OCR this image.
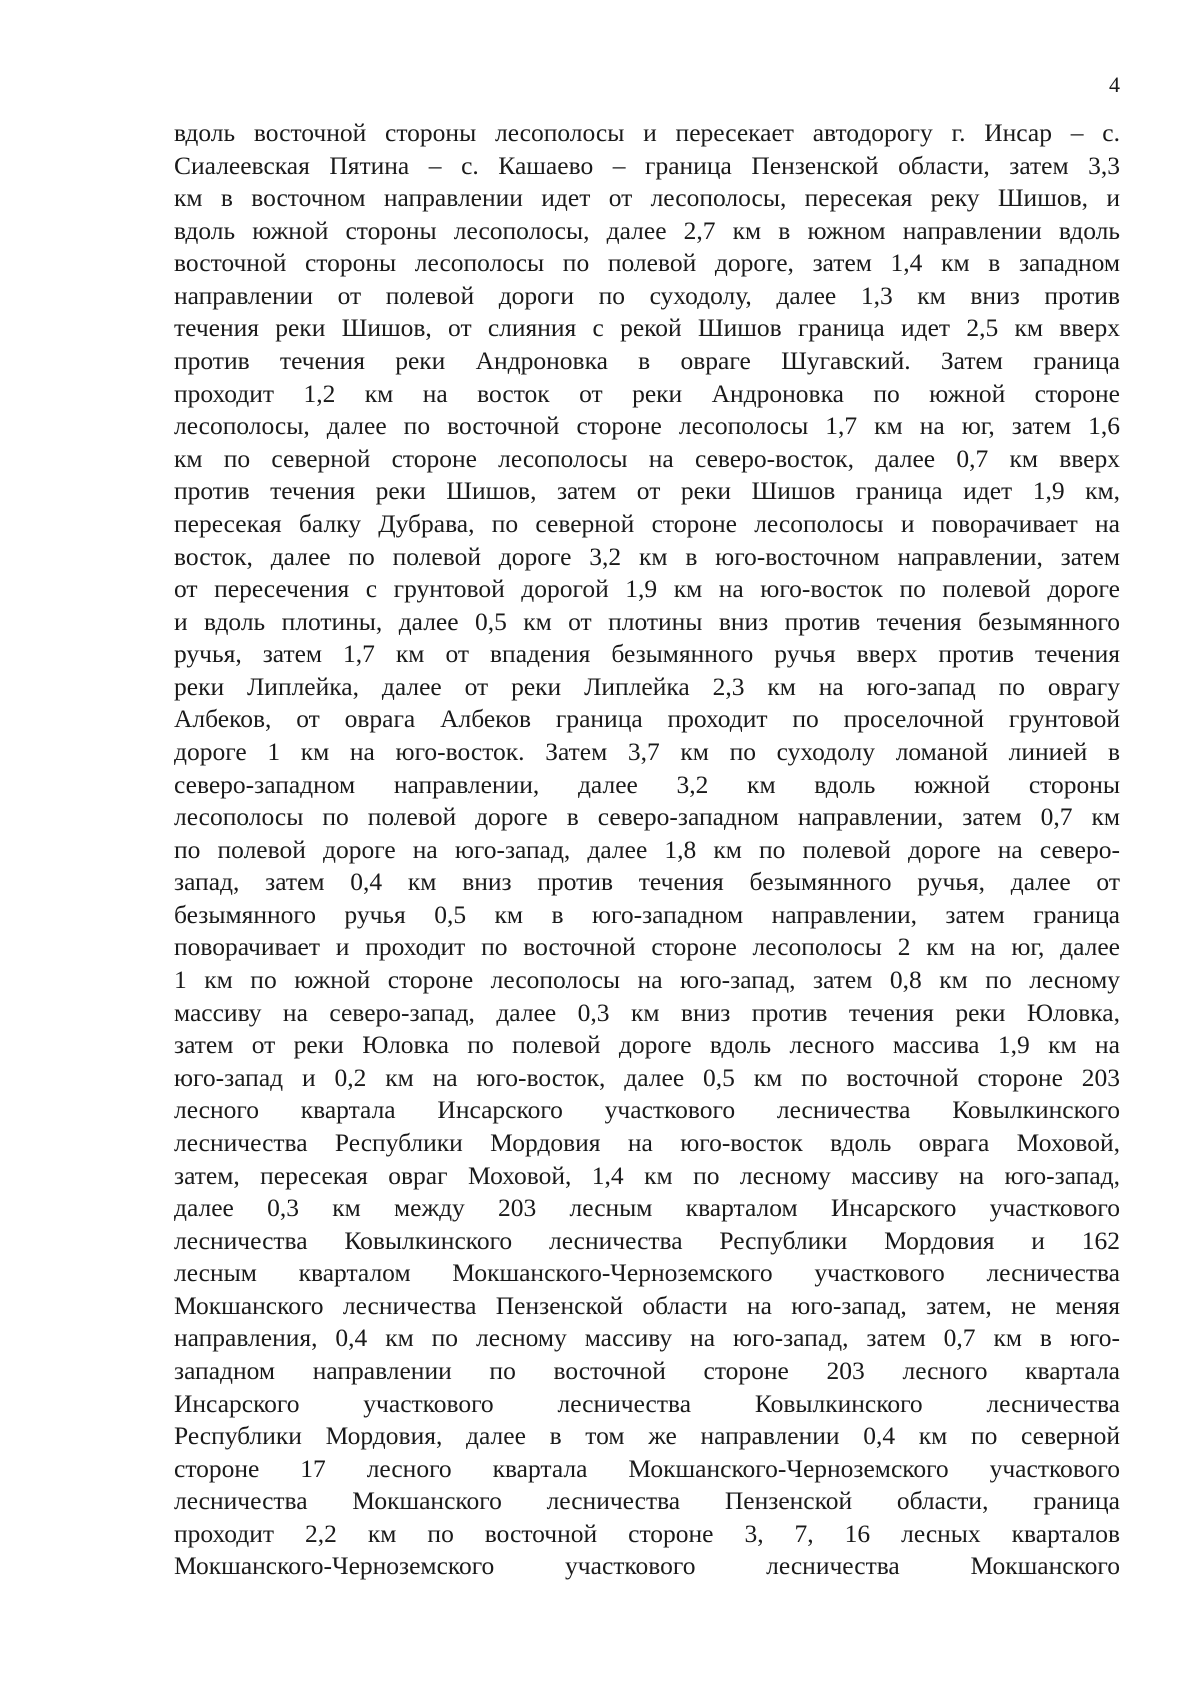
4
вдоль восточной стороны лесополосы и пересекает автодорогу г. Инсар – с.
Сиалеевская Пятина – с. Кашаево – граница Пензенской области, затем 3,3
км в восточном направлении идет от лесополосы, пересекая реку Шишов, и
вдоль южной стороны лесополосы, далее 2,7 км в южном направлении вдоль
восточной стороны лесополосы по полевой дороге, затем 1,4 км в западном
направлении от полевой дороги по суходолу, далее 1,3 км вниз против
течения реки Шишов, от слияния с рекой Шишов граница идет 2,5 км вверх
против течения реки Андроновка в овраге Шугавский. Затем граница
проходит 1,2 км на восток от реки Андроновка по южной стороне
лесополосы, далее по восточной стороне лесополосы 1,7 км на юг, затем 1,6
км по северной стороне лесополосы на северо-восток, далее 0,7 км вверх
против течения реки Шишов, затем от реки Шишов граница идет 1,9 км,
пересекая балку Дубрава, по северной стороне лесополосы и поворачивает на
восток, далее по полевой дороге 3,2 км в юго-восточном направлении, затем
от пересечения с грунтовой дорогой 1,9 км на юго-восток по полевой дороге
и вдоль плотины, далее 0,5 км от плотины вниз против течения безымянного
ручья, затем 1,7 км от впадения безымянного ручья вверх против течения
реки Липлейка, далее от реки Липлейка 2,3 км на юго-запад по оврагу
Албеков, от оврага Албеков граница проходит по проселочной грунтовой
дороге 1 км на юго-восток. Затем 3,7 км по суходолу ломаной линией в
северо-западном направлении, далее 3,2 км вдоль южной стороны
лесополосы по полевой дороге в северо-западном направлении, затем 0,7 км
по полевой дороге на юго-запад, далее 1,8 км по полевой дороге на северо-
запад, затем 0,4 км вниз против течения безымянного ручья, далее от
безымянного ручья 0,5 км в юго-западном направлении, затем граница
поворачивает и проходит по восточной стороне лесополосы 2 км на юг, далее
1 км по южной стороне лесополосы на юго-запад, затем 0,8 км по лесному
массиву на северо-запад, далее 0,3 км вниз против течения реки Юловка,
затем от реки Юловка по полевой дороге вдоль лесного массива 1,9 км на
юго-запад и 0,2 км на юго-восток, далее 0,5 км по восточной стороне 203
лесного квартала Инсарского участкового лесничества Ковылкинского
лесничества Республики Мордовия на юго-восток вдоль оврага Моховой,
затем, пересекая овраг Моховой, 1,4 км по лесному массиву на юго-запад,
далее 0,3 км между 203 лесным кварталом Инсарского участкового
лесничества Ковылкинского лесничества Республики Мордовия и 162
лесным кварталом Мокшанского-Черноземского участкового лесничества
Мокшанского лесничества Пензенской области на юго-запад, затем, не меняя
направления, 0,4 км по лесному массиву на юго-запад, затем 0,7 км в юго-
западном направлении по восточной стороне 203 лесного квартала
Инсарского участкового лесничества Ковылкинского лесничества
Республики Мордовия, далее в том же направлении 0,4 км по северной
стороне 17 лесного квартала Мокшанского-Черноземского участкового
лесничества Мокшанского лесничества Пензенской области, граница
проходит 2,2 км по восточной стороне 3, 7, 16 лесных кварталов
Мокшанского-Черноземского участкового лесничества Мокшанского
